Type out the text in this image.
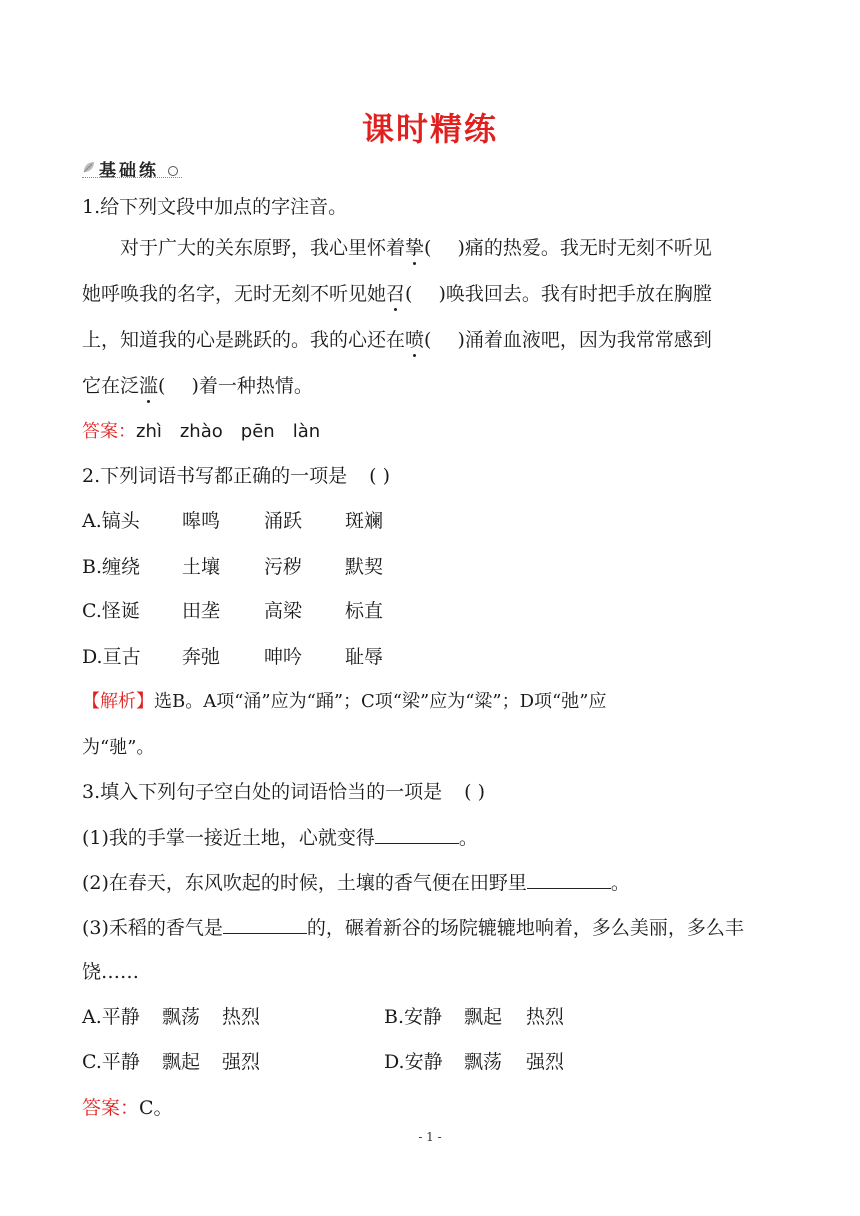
课时精练
基础练
1.给下列文段中加点的字注音。
对于广大的关东原野，我心里怀着挚( )痛的热爱。我无时无刻不听见
她呼唤我的名字，无时无刻不听见她召( )唤我回去。我有时把手放在胸膛
上，知道我的心是跳跃的。我的心还在喷( )涌着血液吧，因为我常常感到
它在泛滥( )着一种热情。
答案：zhì zhào pēn làn
2.下列词语书写都正确的一项是 ( )
A.镐头 嗥鸣 涌跃 斑斓
B.缠绕 土壤 污秽 默契
C.怪诞 田垄 高梁 标直
D.亘古 奔弛 呻吟 耻辱
【解析】选B。A项“涌”应为“踊”；C项“梁”应为“粱”；D项“弛”应
为“驰”。
3.填入下列句子空白处的词语恰当的一项是 ( )
(1)我的手掌一接近土地，心就变得	。
(2)在春天，东风吹起的时候，土壤的香气便在田野里	。
(3)禾稻的香气是	的，碾着新谷的场院辘辘地响着，多么美丽，多么丰
饶……
A.平静 飘荡 热烈	B.安静 飘起 热烈
C.平静 飘起 强烈	D.安静 飘荡 强烈
答案：C。
- 1 -
